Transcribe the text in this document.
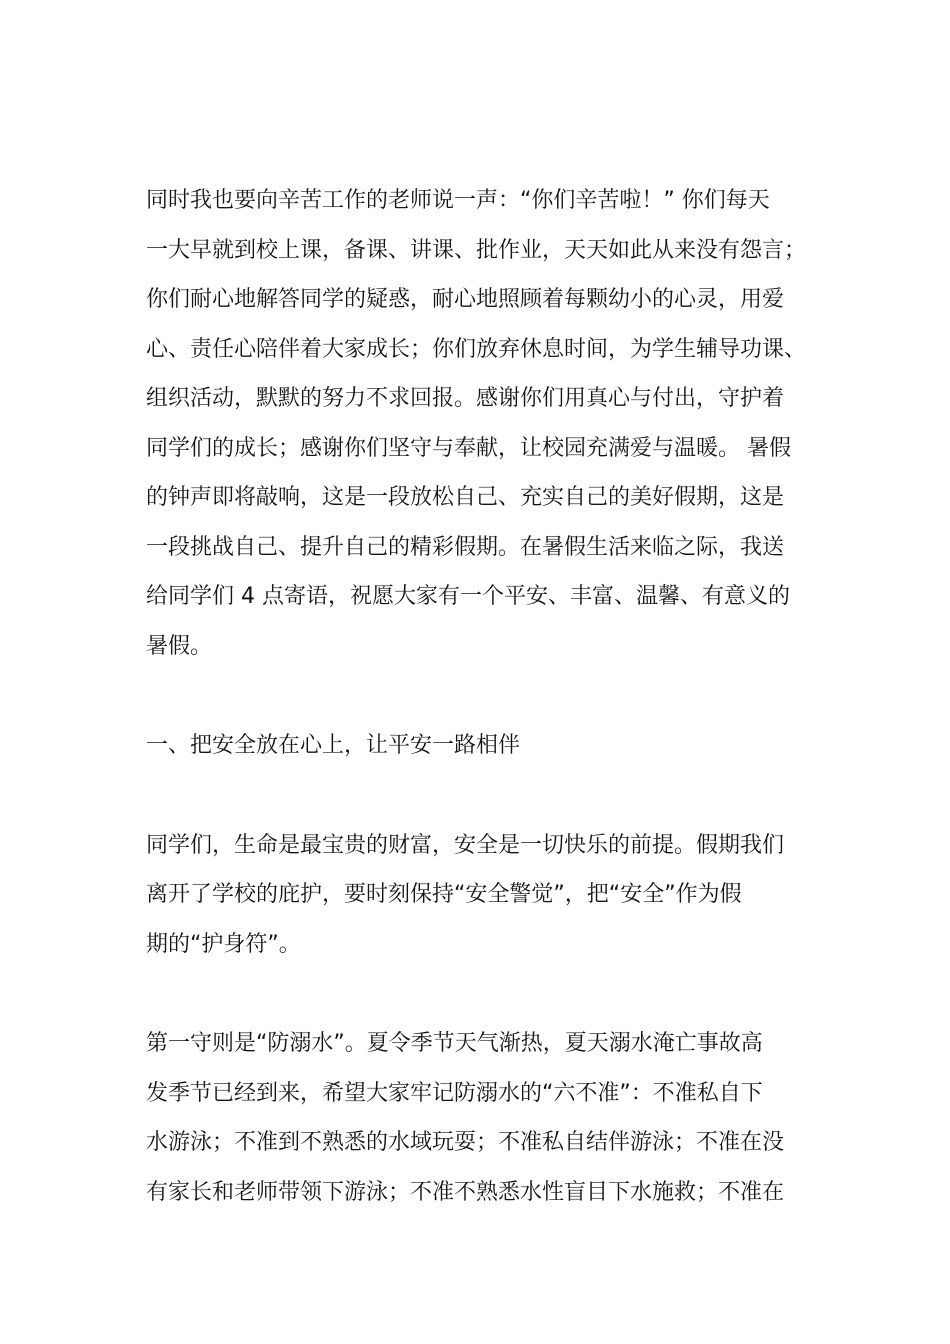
同时我也要向辛苦工作的老师说一声：“你们辛苦啦！” 你们每天
一大早就到校上课，备课、讲课、批作业，天天如此从来没有怨言；
你们耐心地解答同学的疑惑，耐心地照顾着每颗幼小的心灵，用爱
心、责任心陪伴着大家成长；你们放弃休息时间，为学生辅导功课、
组织活动，默默的努力不求回报。感谢你们用真心与付出，守护着
同学们的成长；感谢你们坚守与奉献，让校园充满爱与温暖。 暑假
的钟声即将敲响，这是一段放松自己、充实自己的美好假期，这是
一段挑战自己、提升自己的精彩假期。在暑假生活来临之际，我送
给同学们 4 点寄语，祝愿大家有一个平安、丰富、温馨、有意义的
暑假。
一、把安全放在心上，让平安一路相伴
同学们，生命是最宝贵的财富，安全是一切快乐的前提。假期我们
离开了学校的庇护，要时刻保持“安全警觉”，把“安全”作为假
期的“护身符”。
第一守则是“防溺水”。夏令季节天气渐热，夏天溺水淹亡事故高
发季节已经到来，希望大家牢记防溺水的“六不准”：不准私自下
水游泳；不准到不熟悉的水域玩耍；不准私自结伴游泳；不准在没
有家长和老师带领下游泳；不准不熟悉水性盲目下水施救；不准在
